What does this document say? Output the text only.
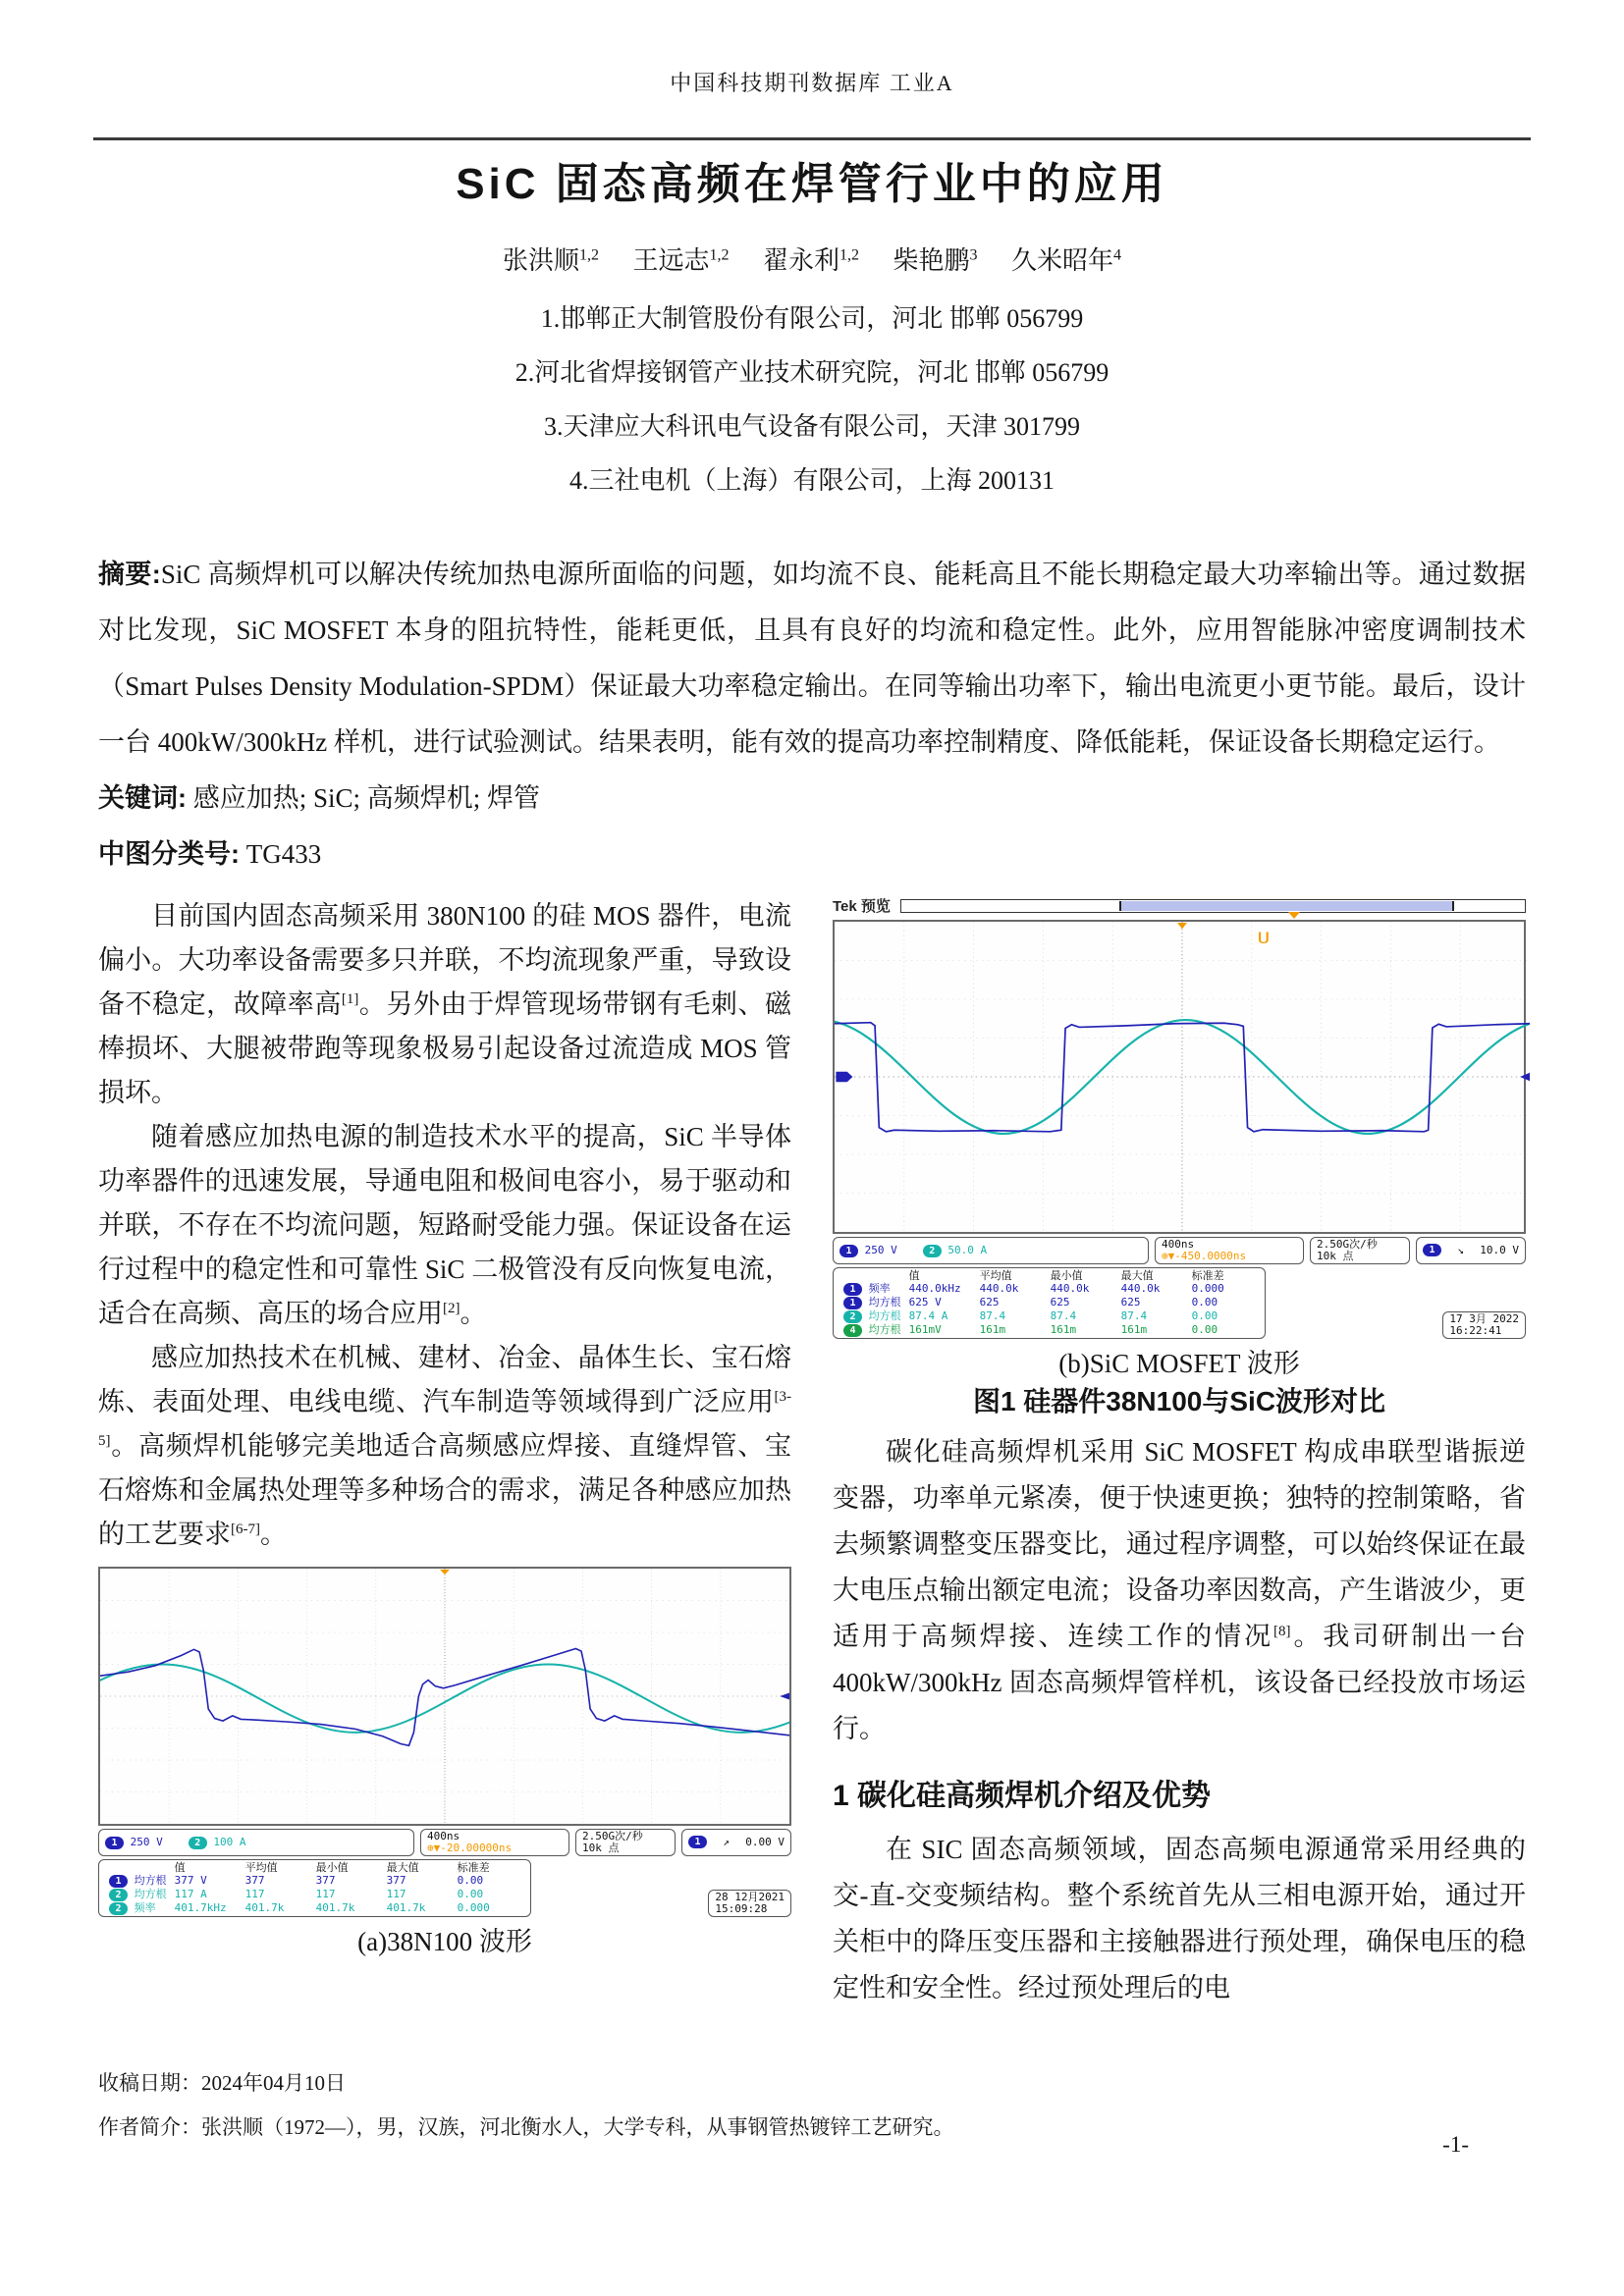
中国科技期刊数据库 工业A
SiC 固态高频在焊管行业中的应用
张洪顺$^{1,2}$ 王远志$^{1,2}$ 翟永利$^{1,2}$ 柴艳鹏$^3$ 久米昭年$^4$
1.邯郸正大制管股份有限公司，河北 邯郸 056799
2.河北省焊接钢管产业技术研究院，河北 邯郸 056799
3.天津应大科讯电气设备有限公司，天津 301799
4.三社电机（上海）有限公司，上海 200131
摘要:SiC 高频焊机可以解决传统加热电源所面临的问题，如均流不良、能耗高且不能长期稳定最大功率输出等。通过数据对比发现，SiC MOSFET 本身的阻抗特性，能耗更低，且具有良好的均流和稳定性。此外，应用智能脉冲密度调制技术（Smart Pulses Density Modulation-SPDM）保证最大功率稳定输出。在同等输出功率下，输出电流更小更节能。最后，设计一台 400kW/300kHz 样机，进行试验测试。结果表明，能有效的提高功率控制精度、降低能耗，保证设备长期稳定运行。
关键词: 感应加热; SiC; 高频焊机; 焊管
中图分类号: TG433

目前国内固态高频采用 380N100 的硅 MOS 器件，电流偏小。大功率设备需要多只并联，不均流现象严重，导致设备不稳定，故障率高[1]。另外由于焊管现场带钢有毛刺、磁棒损坏、大腿被带跑等现象极易引起设备过流造成 MOS 管损坏。

随着感应加热电源的制造技术水平的提高，SiC 半导体功率器件的迅速发展，导通电阻和极间电容小，易于驱动和并联，不存在不均流问题，短路耐受能力强。保证设备在运行过程中的稳定性和可靠性 SiC 二极管没有反向恢复电流，适合在高频、高压的场合应用[2]。

感应加热技术在机械、建材、冶金、晶体生长、宝石熔炼、表面处理、电线电缆、汽车制造等领域得到广泛应用[3-5]。高频焊机能够完美地适合高频感应焊接、直缝焊管、宝石熔炼和金属热处理等多种场合的需求，满足各种感应加热的工艺要求[6-7]。

1 250 V	2 100 A	400ns
⊕▼-20.00000ns
2.50G次/秒
10k 点	1	↗ 0.00 V
	值	平均值	最小值	最大值	标准差
1 均方根	377 V	377	377	377	0.00
2 均方根	117 A	117	117	117	0.00
2 频率	401.7kHz	401.7k	401.7k	401.7k	0.000
28 12月2021
15:09:28
(a)38N100 波形
Tek 预览
U
1 250 V	2 50.0 A	400ns
⊕▼-450.0000ns
2.50G次/秒
10k 点	1	↘ 10.0 V
	值	平均值	最小值	最大值	标准差
1 频率	440.0kHz	440.0k	440.0k	440.0k	0.000
1 均方根	625 V	625	625	625	0.00
2 均方根	87.4 A	87.4	87.4	87.4	0.00
4 均方根	161mV	161m	161m	161m	0.00
17 3月 2022
16:22:41
(b)SiC MOSFET 波形
图1 硅器件38N100与SiC波形对比

碳化硅高频焊机采用 SiC MOSFET 构成串联型谐振逆变器，功率单元紧凑，便于快速更换；独特的控制策略，省去频繁调整变压器变比，通过程序调整，可以始终保证在最大电压点输出额定电流；设备功率因数高，产生谐波少，更适用于高频焊接、连续工作的情况[8]。我司研制出一台 400kW/300kHz 固态高频焊管样机，该设备已经投放市场运行。

1 碳化硅高频焊机介绍及优势

在 SIC 固态高频领域，固态高频电源通常采用经典的交-直-交变频结构。整个系统首先从三相电源开始，通过开关柜中的降压变压器和主接触器进行预处理，确保电压的稳定性和安全性。经过预处理后的电

收稿日期：2024年04月10日
作者简介：张洪顺（1972—），男，汉族，河北衡水人，大学专科，从事钢管热镀锌工艺研究。
-1-
